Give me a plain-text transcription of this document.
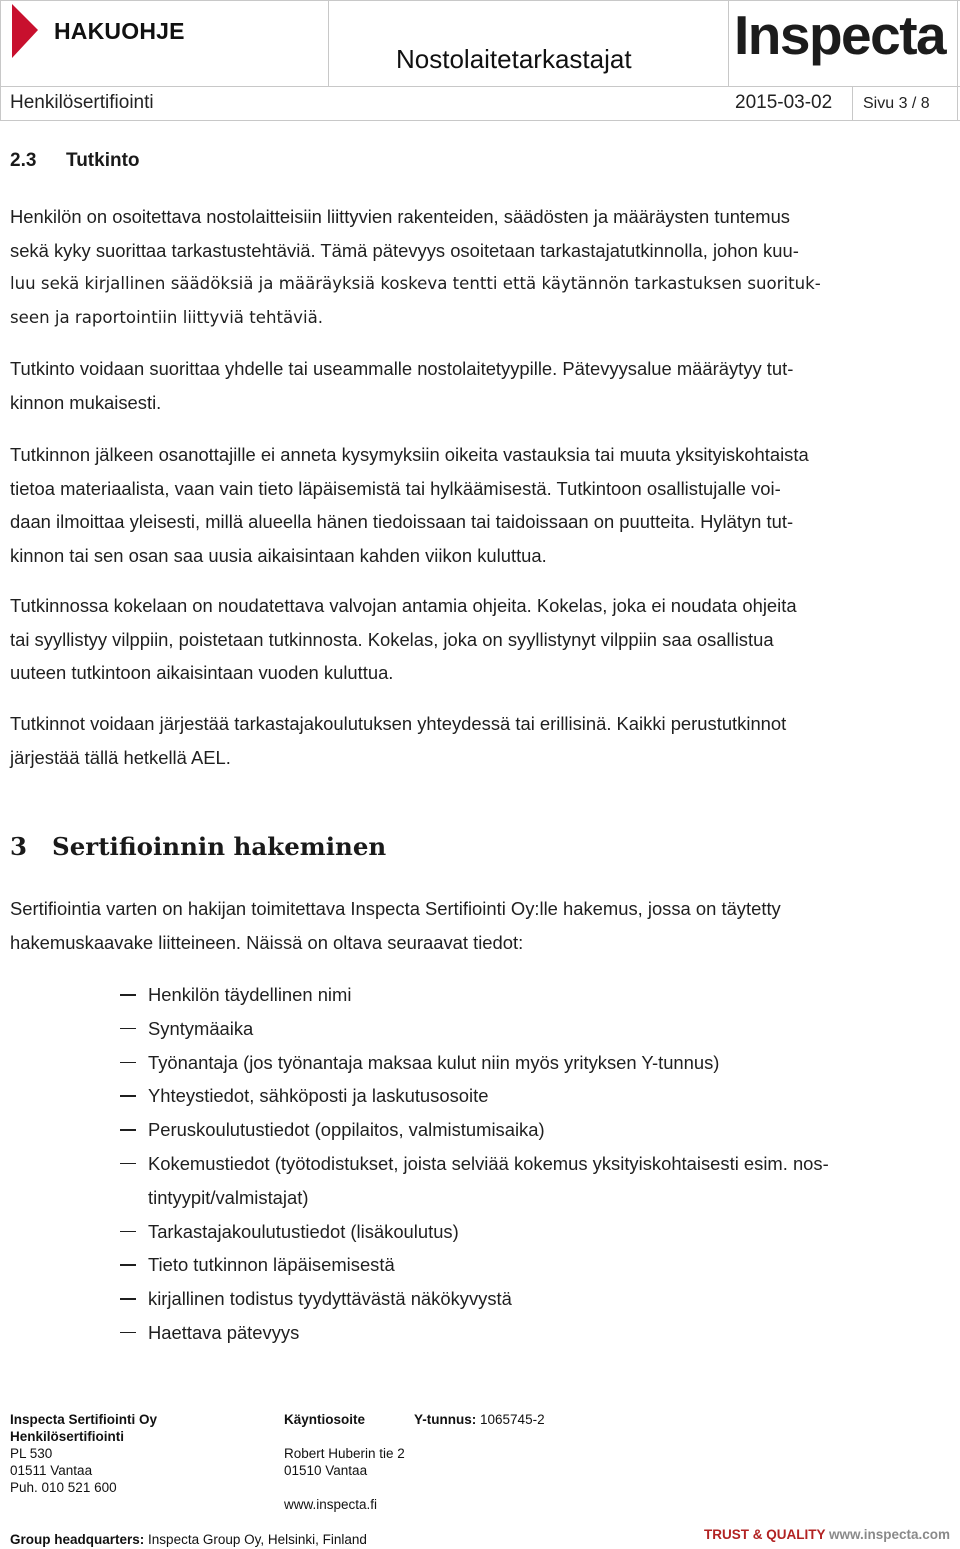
HAKUOHJE
Nostolaitetarkastajat Inspecta
Henkilösertifiointi	2015-03-02 Sivu 3 / 8
2.3 Tutkinto
Henkilön on osoitettava nostolaitteisiin liittyvien rakenteiden, säädösten ja määräysten tuntemus
sekä kyky suorittaa tarkastustehtäviä. Tämä pätevyys osoitetaan tarkastajatutkinnolla, johon kuu-
luu sekä kirjallinen säädöksiä ja määräyksiä koskeva tentti että käytännön tarkastuksen suorituk-
seen ja raportointiin liittyviä tehtäviä.
Tutkinto voidaan suorittaa yhdelle tai useammalle nostolaitetyypille. Pätevyysalue määräytyy tut-
kinnon mukaisesti.
Tutkinnon jälkeen osanottajille ei anneta kysymyksiin oikeita vastauksia tai muuta yksityiskohtaista
tietoa materiaalista, vaan vain tieto läpäisemistä tai hylkäämisestä. Tutkintoon osallistujalle voi-
daan ilmoittaa yleisesti, millä alueella hänen tiedoissaan tai taidoissaan on puutteita. Hylätyn tut-
kinnon tai sen osan saa uusia aikaisintaan kahden viikon kuluttua.
Tutkinnossa kokelaan on noudatettava valvojan antamia ohjeita. Kokelas, joka ei noudata ohjeita
tai syyllistyy vilppiin, poistetaan tutkinnosta. Kokelas, joka on syyllistynyt vilppiin saa osallistua
uuteen tutkintoon aikaisintaan vuoden kuluttua.
Tutkinnot voidaan järjestää tarkastajakoulutuksen yhteydessä tai erillisinä. Kaikki perustutkinnot
järjestää tällä hetkellä AEL.
3 Sertifioinnin hakeminen
Sertifiointia varten on hakijan toimitettava Inspecta Sertifiointi Oy:lle hakemus, jossa on täytetty
hakemuskaavake liitteineen. Näissä on oltava seuraavat tiedot:
Henkilön täydellinen nimi
Syntymäaika
Työnantaja (jos työnantaja maksaa kulut niin myös yrityksen Y-tunnus)
Yhteystiedot, sähköposti ja laskutusosoite
Peruskoulutustiedot (oppilaitos, valmistumisaika)
Kokemustiedot (työtodistukset, joista selviää kokemus yksityiskohtaisesti esim. nos-
tintyypit/valmistajat)
Tarkastajakoulutustiedot (lisäkoulutus)
Tieto tutkinnon läpäisemisestä
kirjallinen todistus tyydyttävästä näkökyvystä
Haettava pätevyys
Inspecta Sertifiointi Oy
Henkilösertifiointi
PL 530
01511 Vantaa
Puh. 010 521 600
Käyntiosoite
Robert Huberin tie 2
01510 Vantaa
www.inspecta.fi
Y-tunnus: 1065745-2
Group headquarters: Inspecta Group Oy, Helsinki, Finland	TRUST & QUALITY www.inspecta.com
